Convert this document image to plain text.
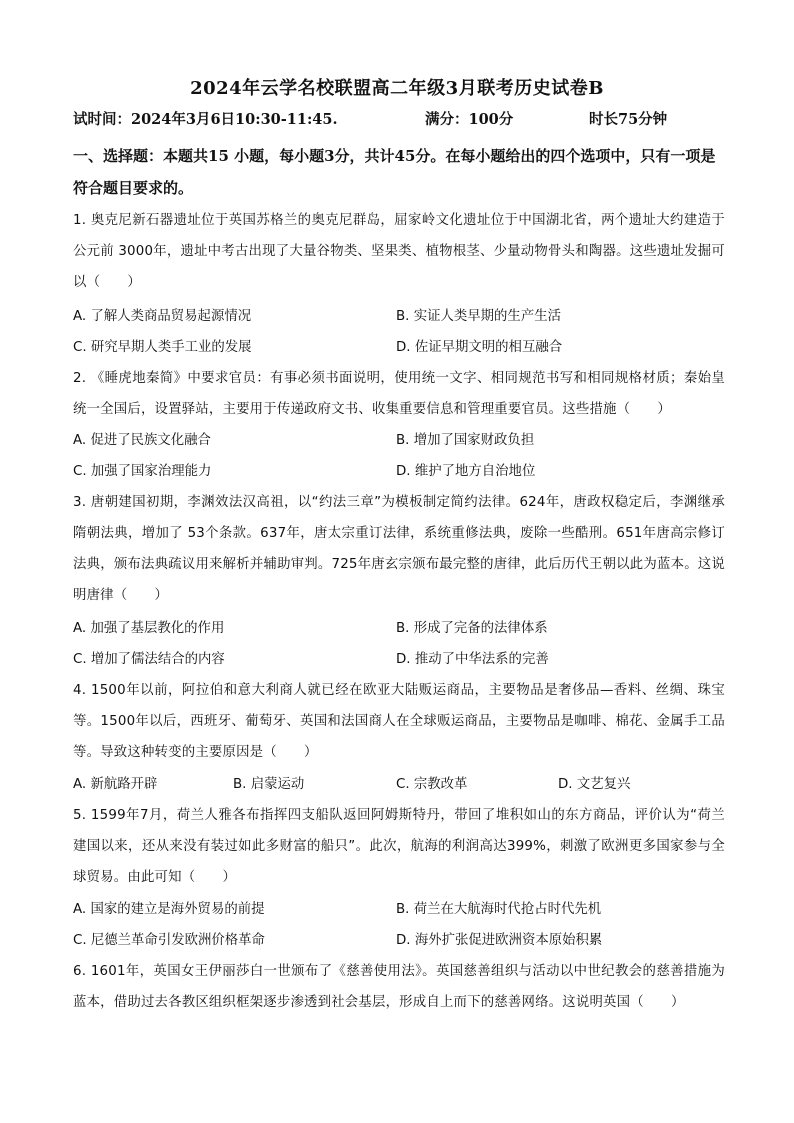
2024年云学名校联盟高二年级3月联考历史试卷B
试时间：2024年3月6日10:30-11:45.	满分：100分	时长75分钟
一、选择题：本题共15 小题，每小题3分，共计45分。在每小题给出的四个选项中，只有一项是符合题目要求的。
1. 奥克尼新石器遗址位于英国苏格兰的奥克尼群岛，屈家岭文化遗址位于中国湖北省，两个遗址大约建造于公元前 3000年，遗址中考古出现了大量谷物类、坚果类、植物根茎、少量动物骨头和陶器。这些遗址发掘可以（　　）
A. 了解人类商品贸易起源情况	B. 实证人类早期的生产生活
C. 研究早期人类手工业的发展	D. 佐证早期文明的相互融合
2. 《睡虎地秦简》中要求官员：有事必须书面说明，使用统一文字、相同规范书写和相同规格材质；秦始皇统一全国后，设置驿站，主要用于传递政府文书、收集重要信息和管理重要官员。这些措施（　　）
A. 促进了民族文化融合	B. 增加了国家财政负担
C. 加强了国家治理能力	D. 维护了地方自治地位
3. 唐朝建国初期，李渊效法汉高祖，以“约法三章”为模板制定简约法律。624年，唐政权稳定后，李渊继承隋朝法典，增加了 53个条款。637年，唐太宗重订法律，系统重修法典，废除一些酷刑。651年唐高宗修订法典，颁布法典疏议用来解析并辅助审判。725年唐玄宗颁布最完整的唐律，此后历代王朝以此为蓝本。这说明唐律（　　）
A. 加强了基层教化的作用	B. 形成了完备的法律体系
C. 增加了儒法结合的内容	D. 推动了中华法系的完善
4. 1500年以前，阿拉伯和意大利商人就已经在欧亚大陆贩运商品，主要物品是奢侈品—香料、丝绸、珠宝等。1500年以后，西班牙、葡萄牙、英国和法国商人在全球贩运商品，主要物品是咖啡、棉花、金属手工品等。导致这种转变的主要原因是（　　）
A. 新航路开辟	B. 启蒙运动	C. 宗教改革	D. 文艺复兴
5. 1599年7月，荷兰人雅各布指挥四支船队返回阿姆斯特丹，带回了堆积如山的东方商品，评价认为“荷兰建国以来，还从来没有装过如此多财富的船只”。此次，航海的利润高达399%，刺激了欧洲更多国家参与全球贸易。由此可知（　　）
A. 国家的建立是海外贸易的前提	B. 荷兰在大航海时代抢占时代先机
C. 尼德兰革命引发欧洲价格革命	D. 海外扩张促进欧洲资本原始积累
6. 1601年，英国女王伊丽莎白一世颁布了《慈善使用法》。英国慈善组织与活动以中世纪教会的慈善措施为蓝本，借助过去各教区组织框架逐步渗透到社会基层，形成自上而下的慈善网络。这说明英国（　　）
